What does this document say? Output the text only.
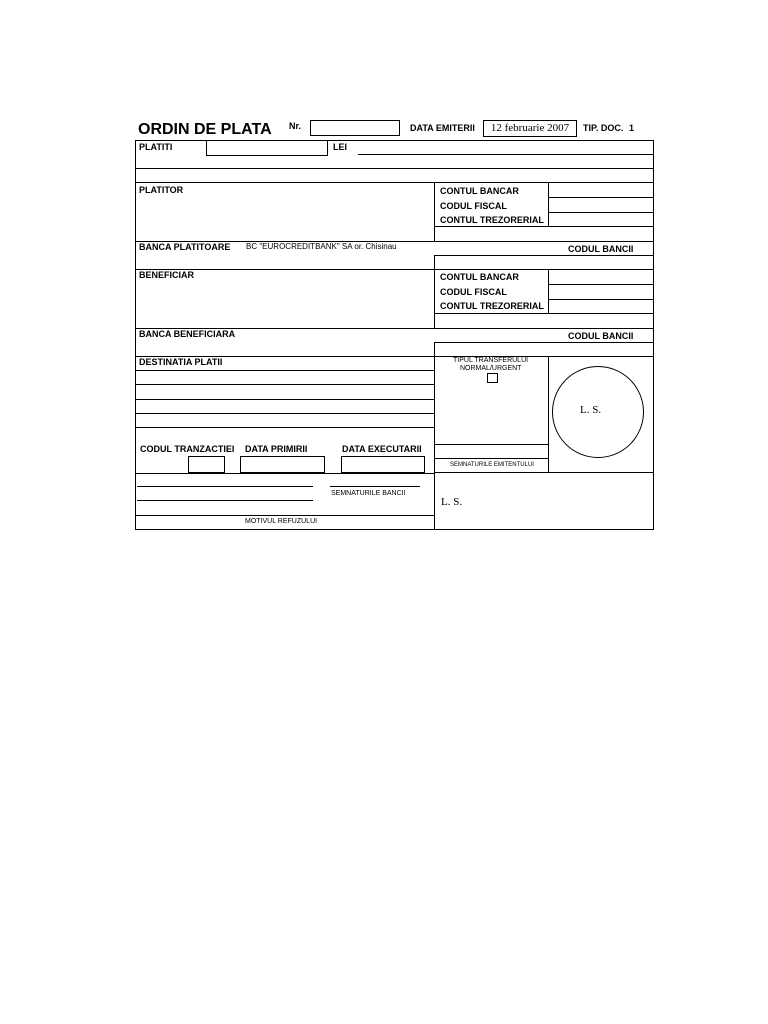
ORDIN DE PLATA Nr.	DATA EMITERII	12 februarie 2007	TIP. DOC. 1
PLATITI	LEI
PLATITOR	CONTUL BANCAR
CODUL FISCAL
CONTUL TREZORERIAL
BANCA PLATITOARE BC "EUROCREDITBANK" SA or. Chisinau	CODUL BANCII
BENEFICIAR	CONTUL BANCAR
CODUL FISCAL
CONTUL TREZORERIAL
BANCA BENEFICIARA	CODUL BANCII
DESTINATIA PLATII	TIPUL TRANSFERULUI
NORMAL/URGENT
L. S.
SEMNATURILE EMITENTULUI
L. S.
CODUL TRANZACTIEI DATA PRIMIRII	DATA EXECUTARII
SEMNATURILE BANCII
MOTIVUL REFUZULUI
